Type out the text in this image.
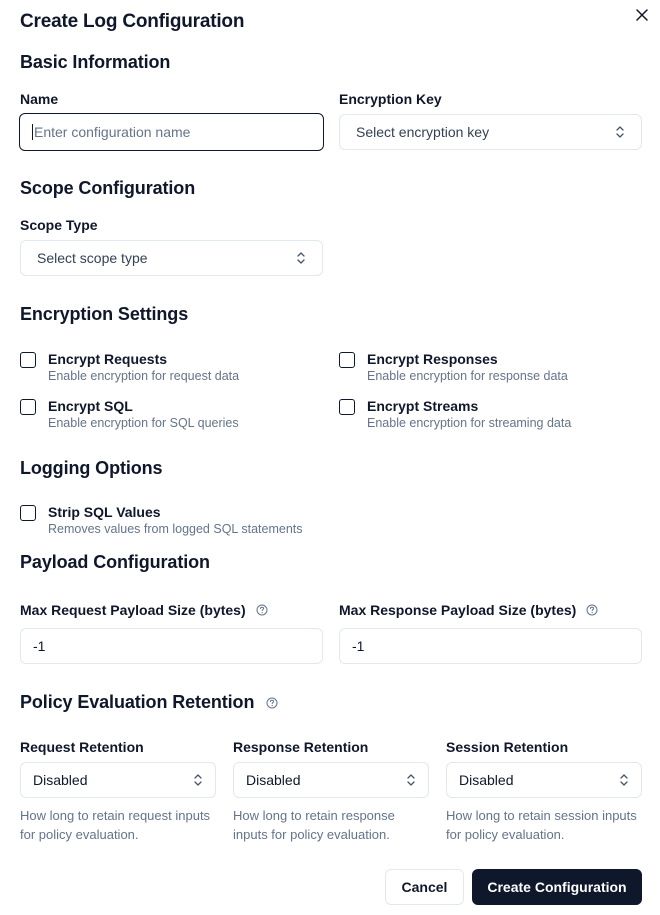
Create Log Configuration
Basic Information
Name
Enter configuration name
Encryption Key
Select encryption key
Scope Configuration
Scope Type
Select scope type
Encryption Settings
Encrypt Requests
Enable encryption for request data
Encrypt Responses
Enable encryption for response data
Encrypt SQL
Enable encryption for SQL queries
Encrypt Streams
Enable encryption for streaming data
Logging Options
Strip SQL Values
Removes values from logged SQL statements
Payload Configuration
Max Request Payload Size (bytes)
-1
Max Response Payload Size (bytes)
-1
Policy Evaluation Retention
Request Retention
Disabled
How long to retain request inputs for policy evaluation.
Response Retention
Disabled
How long to retain response inputs for policy evaluation.
Session Retention
Disabled
How long to retain session inputs for policy evaluation.
Cancel	Create Configuration
